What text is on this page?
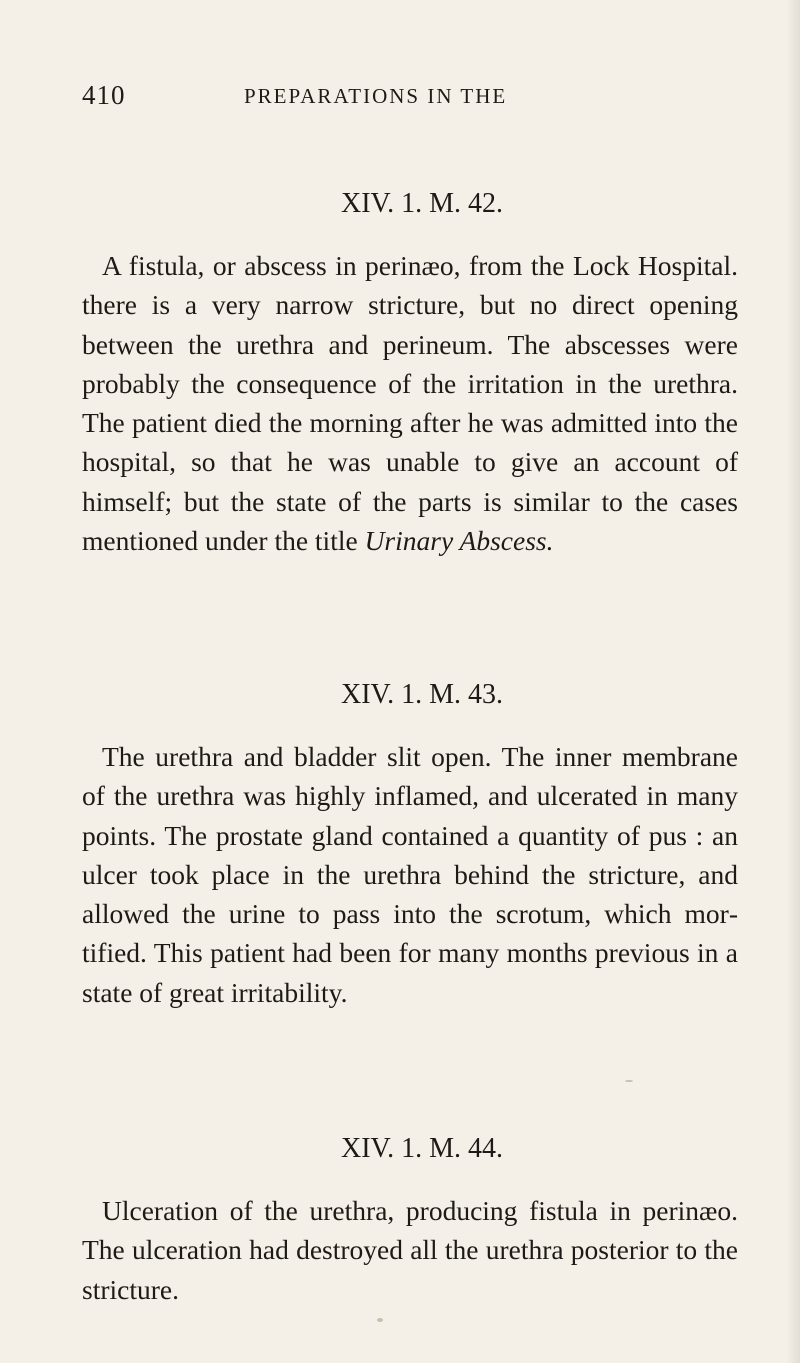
410	PREPARATIONS IN THE
XIV. 1. M. 42.

A fistula, or abscess in perinæo, from the Lock Hospital. there is a very narrow stricture, but no direct opening between the urethra and perineum. The abscesses were probably the consequence of the irritation in the urethra. The patient died the morning after he was admitted into the hospital, so that he was unable to give an account of himself; but the state of the parts is similar to the cases mentioned under the title Urinary Abscess.

XIV. 1. M. 43.

The urethra and bladder slit open. The inner membrane of the urethra was highly inflamed, and ulcerated in many points. The prostate gland contained a quantity of pus : an ulcer took place in the urethra behind the stricture, and allowed the urine to pass into the scrotum, which mortified. This patient had been for many months previous in a state of great irritability.

XIV. 1. M. 44.

Ulceration of the urethra, producing fistula in perinæo. The ulceration had destroyed all the urethra posterior to the stricture.
